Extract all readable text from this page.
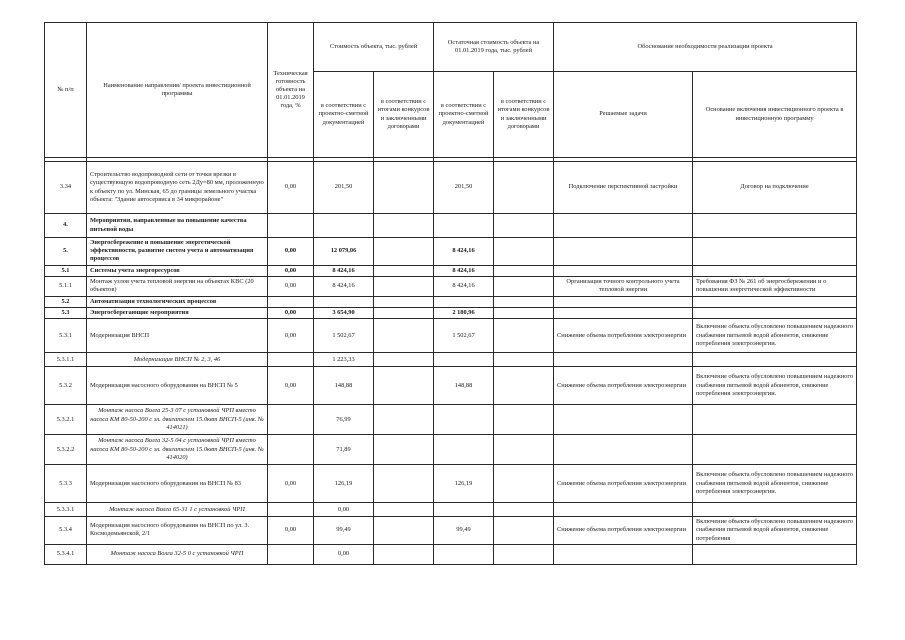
№ п/п	Наименование направления/ проекта инвестиционной программы	Техническая готовность объекта на 01.01.2019 года, %	Стоимость объекта, тыс. рублей		Остаточная стоимость объекта на 01.01.2019 года, тыс. рублей		Обоснование необходимости реализации проекта	
			в соответствии с проектно-сметной документацией	в соответствии с итогами конкурсов и заключенными договорами	в соответствии с проектно-сметной документацией	в соответствии с итогами конкурсов и заключенными договорами	Решаемые задачи	Основание включения инвестиционного проекта в инвестиционную программу

3.34	Строительство водопроводной сети от точки врезки в существующую водопроводную сеть 2Ду=80 мм, проложенную к объекту по ул. Минская, 65 до границы земельного участка объекта: "Здание автосервиса в 34 микрорайоне"	0,00	201,50		201,50		Подключение перспективной застройки	Договор на подключение
4.	Мероприятия, направленные на повышение качества питьевой воды							
5.	Энергосбережение и повышение энергетической эффективности, развитие систем учета и автоматизация процессов	0,00	12 079,06		8 424,16			
5.1	Системы учета энергоресурсов	0,00	8 424,16		8 424,16			
5.1.1	Монтаж узлов учета тепловой энергии на объектах КВС (20 объектов)	0,00	8 424,16		8 424,16		Организация точного контрольного учета тепловой энергии	Требования ФЗ № 261 об энергосбережении и о повышении энергетической эффективности
5.2	Автоматизация технологических процессов							
5.3	Энергосберегающие мероприятия	0,00	3 654,90		2 180,96			
5.3.1	Модернизация ВНСП	0,00	1 502,67		1 502,67		Снижение объема потребления электроэнергии	Включение объекта обусловлено повышением надежного снабжения питьевой водой абонентов, снижение потребления электроэнергии.
5.3.1.1	Модернизация ВНСП № 2, 3, 46		1 223,33					
5.3.2	Модернизация насосного оборудования на ВНСП № 5	0,00	148,88		148,88		Снижение объема потребления электроэнергии	Включение объекта обусловлено повышением надежного снабжения питьевой водой абонентов, снижение потребления электроэнергии.
5.3.2.1	Монтаж насоса Волга 25-3 07 с установкой ЧРП вместо насоса КМ 80-50-200 с эл. двигателем 15.0квт ВНСП-5 (инв. № 414021)		76,99					
5.3.2.2	Монтаж насоса Волга 32-5 04 с установкой ЧРП вместо насоса КМ 80-50-200 с эл. двигателем 15.0квт ВНСП-5 (инв. № 414020)		71,89					
5.3.3	Модернизация насосного оборудования на ВНСП № 83	0,00	126,19		126,19		Снижение объема потребления электроэнергии	Включение объекта обусловлено повышением надежного снабжения питьевой водой абонентов, снижение потребления электроэнергии.
5.3.3.1	Монтаж насоса Волга 65-31 1 с установкой ЧРП		0,00					
5.3.4	Модернизация насосного оборудования на ВНСП по ул. З. Космодемьянской, 2/1	0,00	99,49		99,49		Снижение объема потребления электроэнергии	Включение объекта обусловлено повышением надежного снабжения питьевой водой абонентов, снижение потребления
5.3.4.1	Монтаж насоса Волга 32-5 0 с установкой ЧРП		0,00					
